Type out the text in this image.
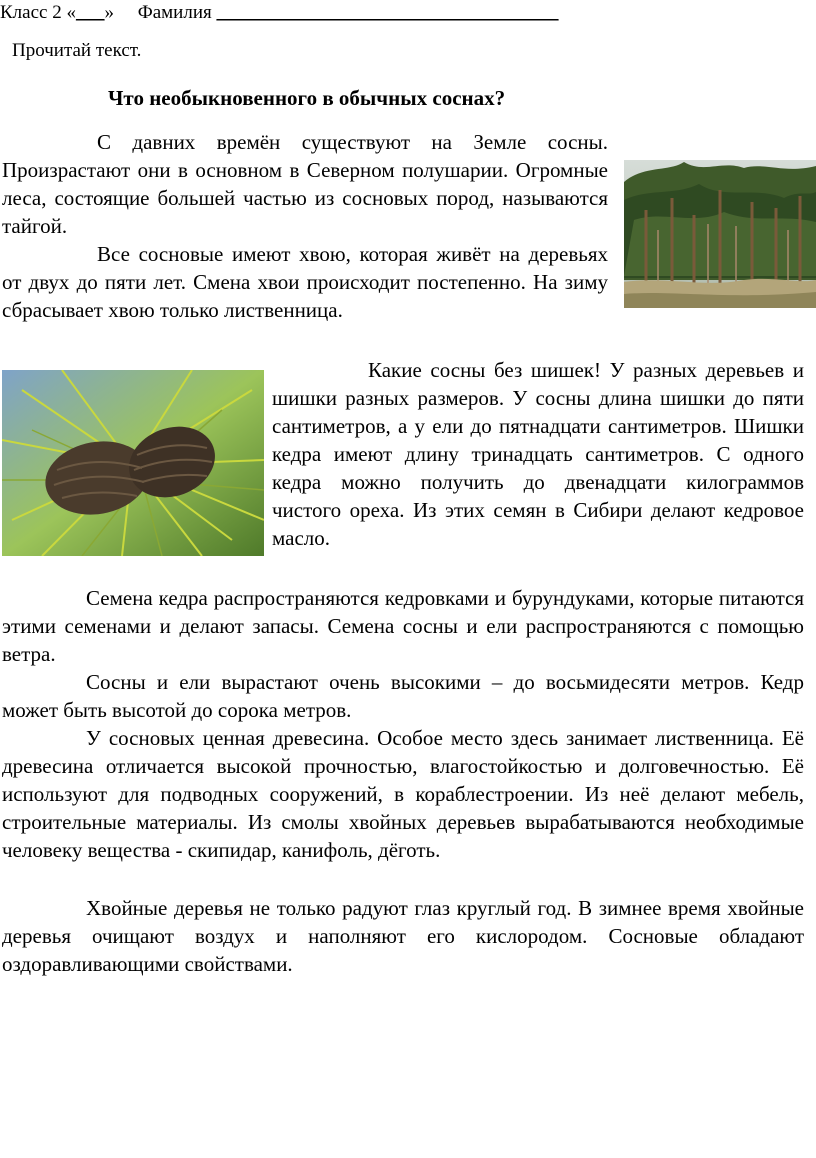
Класс 2 «___» Фамилия ____________________________________
Прочитай текст.
Что необыкновенного в обычных соснах?

С давних времён существуют на Земле сосны. Произрастают они в основном в Северном полушарии. Огромные леса, состоящие большей частью из сосновых пород, называются тайгой.

Все сосновые имеют хвою, которая живёт на деревьях от двух до пяти лет. Смена хвои происходит постепенно. На зиму сбрасывает хвою только лиственница.

Какие сосны без шишек! У разных деревьев и шишки разных размеров. У сосны длина шишки до пяти сантиметров, а у ели до пятнадцати сантиметров. Шишки кедра имеют длину тринадцать сантиметров. С одного кедра можно получить до двенадцати килограммов чистого ореха. Из этих семян в Сибири делают кедровое масло.

Семена кедра распространяются кедровками и бурундуками, которые питаются этими семенами и делают запасы. Семена сосны и ели распространяются с помощью ветра.

Сосны и ели вырастают очень высокими – до восьмидесяти метров. Кедр может быть высотой до сорока метров.

У сосновых ценная древесина. Особое место здесь занимает лиственница. Её древесина отличается высокой прочностью, влагостойкостью и долговечностью. Её используют для подводных сооружений, в кораблестроении. Из неё делают мебель, строительные материалы. Из смолы хвойных деревьев вырабатываются необходимые человеку вещества - скипидар, канифоль, дёготь.

Хвойные деревья не только радуют глаз круглый год. В зимнее время хвойные деревья очищают воздух и наполняют его кислородом. Сосновые обладают оздоравливающими свойствами.
